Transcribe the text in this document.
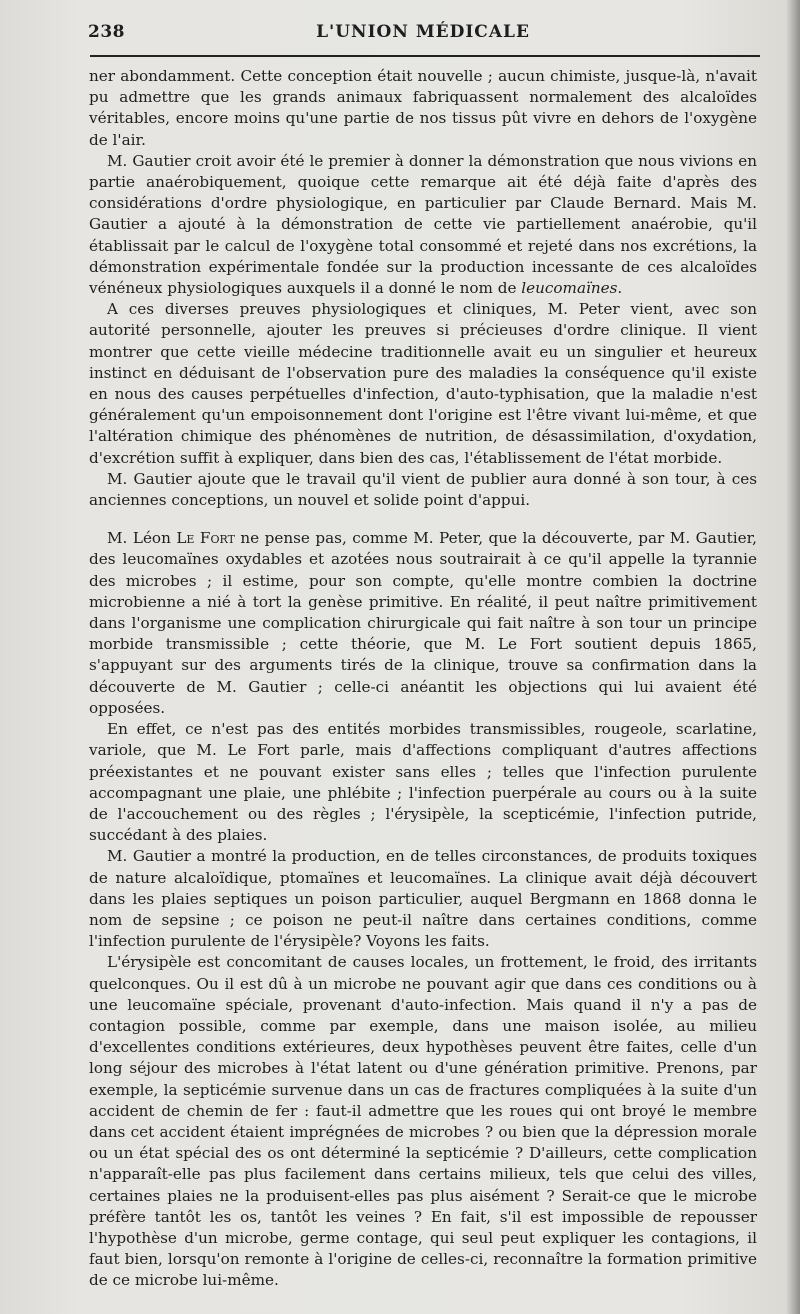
238	L'UNION MÉDICALE

ner abondamment. Cette conception était nouvelle ; aucun chimiste, jusque-là, n'avait pu admettre que les grands animaux fabriquassent normalement des alcaloïdes véritables, encore moins qu'une partie de nos tissus pût vivre en dehors de l'oxygène de l'air.

M. Gautier croit avoir été le premier à donner la démonstration que nous vivions en partie anaérobiquement, quoique cette remarque ait été déjà faite d'après des considérations d'ordre physiologique, en particulier par Claude Bernard. Mais M. Gautier a ajouté à la démonstration de cette vie partiellement anaérobie, qu'il établissait par le calcul de l'oxygène total consommé et rejeté dans nos excrétions, la démonstration expérimentale fondée sur la production incessante de ces alcaloïdes vénéneux physiologiques auxquels il a donné le nom de leucomaïnes.

A ces diverses preuves physiologiques et cliniques, M. Peter vient, avec son autorité personnelle, ajouter les preuves si précieuses d'ordre clinique. Il vient montrer que cette vieille médecine traditionnelle avait eu un singulier et heureux instinct en déduisant de l'observation pure des maladies la conséquence qu'il existe en nous des causes perpétuelles d'infection, d'auto-typhisation, que la maladie n'est généralement qu'un empoisonnement dont l'origine est l'être vivant lui-même, et que l'altération chimique des phénomènes de nutrition, de désassimilation, d'oxydation, d'excrétion suffit à expliquer, dans bien des cas, l'établissement de l'état morbide.

M. Gautier ajoute que le travail qu'il vient de publier aura donné à son tour, à ces anciennes conceptions, un nouvel et solide point d'appui.

M. Léon Le Fort ne pense pas, comme M. Peter, que la découverte, par M. Gautier, des leucomaïnes oxydables et azotées nous soutrairait à ce qu'il appelle la tyrannie des microbes ; il estime, pour son compte, qu'elle montre combien la doctrine microbienne a nié à tort la genèse primitive. En réalité, il peut naître primitivement dans l'organisme une complication chirurgicale qui fait naître à son tour un principe morbide transmissible ; cette théorie, que M. Le Fort soutient depuis 1865, s'appuyant sur des arguments tirés de la clinique, trouve sa confirmation dans la découverte de M. Gautier ; celle-ci anéantit les objections qui lui avaient été opposées.

En effet, ce n'est pas des entités morbides transmissibles, rougeole, scarlatine, variole, que M. Le Fort parle, mais d'affections compliquant d'autres affections préexistantes et ne pouvant exister sans elles ; telles que l'infection purulente accompagnant une plaie, une phlébite ; l'infection puerpérale au cours ou à la suite de l'accouchement ou des règles ; l'érysipèle, la scepticémie, l'infection putride, succédant à des plaies.

M. Gautier a montré la production, en de telles circonstances, de produits toxiques de nature alcaloïdique, ptomaïnes et leucomaïnes. La clinique avait déjà découvert dans les plaies septiques un poison particulier, auquel Bergmann en 1868 donna le nom de sepsine ; ce poison ne peut-il naître dans certaines conditions, comme l'infection purulente de l'érysipèle? Voyons les faits.

L'érysipèle est concomitant de causes locales, un frottement, le froid, des irritants quelconques. Ou il est dû à un microbe ne pouvant agir que dans ces conditions ou à une leucomaïne spéciale, provenant d'auto-infection. Mais quand il n'y a pas de contagion possible, comme par exemple, dans une maison isolée, au milieu d'excellentes conditions extérieures, deux hypothèses peuvent être faites, celle d'un long séjour des microbes à l'état latent ou d'une génération primitive. Prenons, par exemple, la septicémie survenue dans un cas de fractures compliquées à la suite d'un accident de chemin de fer : faut-il admettre que les roues qui ont broyé le membre dans cet accident étaient imprégnées de microbes ? ou bien que la dépression morale ou un état spécial des os ont déterminé la septicémie ? D'ailleurs, cette complication n'apparaît-elle pas plus facilement dans certains milieux, tels que celui des villes, certaines plaies ne la produisent-elles pas plus aisément ? Serait-ce que le microbe préfère tantôt les os, tantôt les veines ? En fait, s'il est impossible de repousser l'hypothèse d'un microbe, germe contage, qui seul peut expliquer les contagions, il faut bien, lorsqu'on remonte à l'origine de celles-ci, reconnaître la formation primitive de ce microbe lui-même.
